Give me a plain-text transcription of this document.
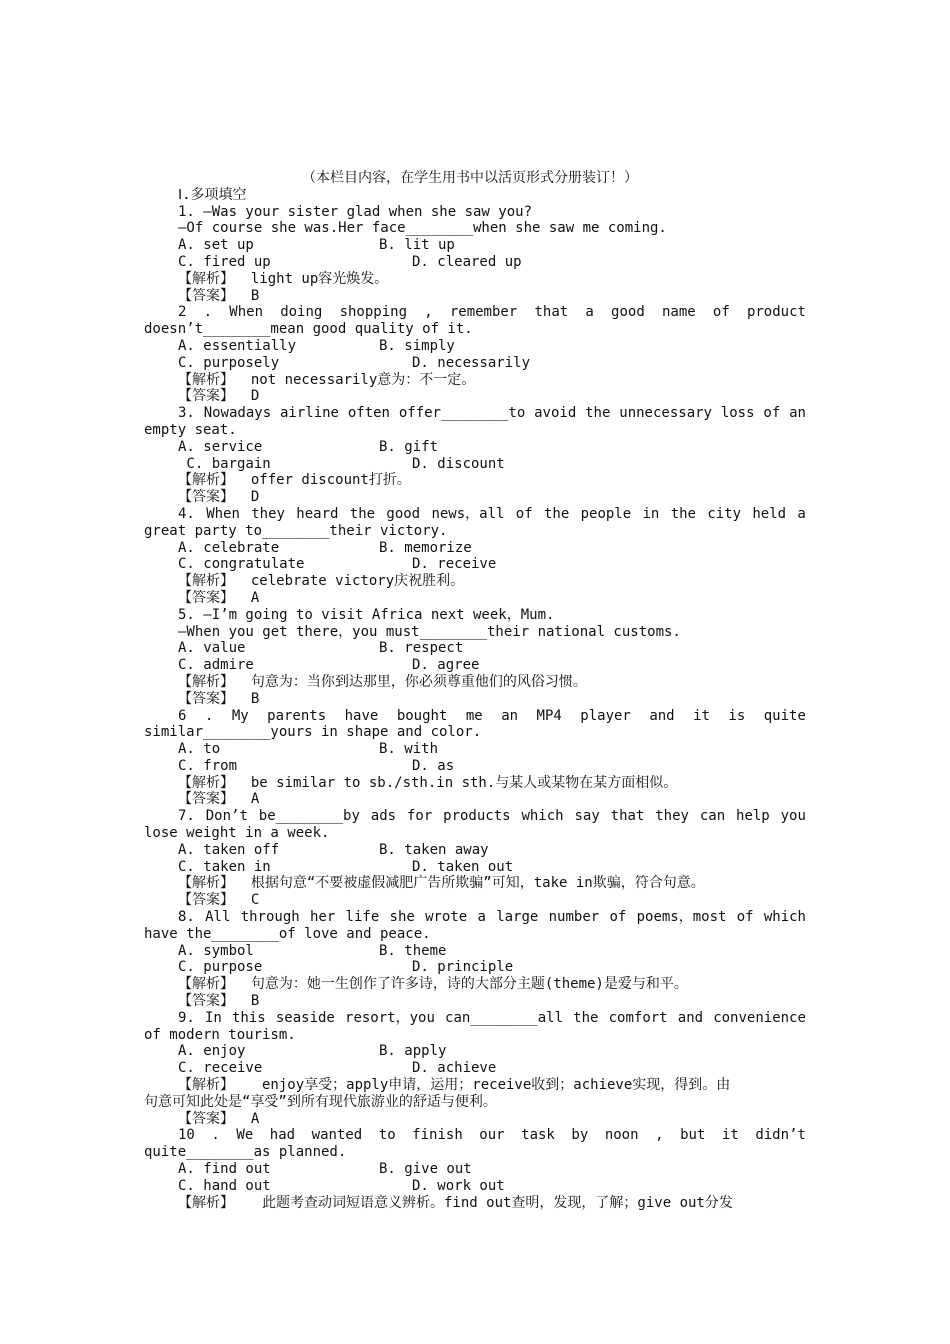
（本栏目内容，在学生用书中以活页形式分册装订！）
Ⅰ.多项填空
1. —Was your sister glad when she saw you?
—Of course she was.Her face________when she saw me coming.
A. set up	B. lit up
C. fired up	D. cleared up
【解析】  light up容光焕发。
【答案】  B
2 . When doing shopping , remember that a good name of product
doesn’t________mean good quality of it.
A. essentially	B. simply
C. purposely	D. necessarily
【解析】  not necessarily意为：不一定。
【答案】  D
3. Nowadays airline often offer________to avoid the unnecessary loss of an
empty seat.
A. service	B. gift
C. bargain	D. discount
【解析】  offer discount打折。
【答案】  D
4. When they heard the good news，all of the people in the city held a
great party to________their victory.
A. celebrate	B. memorize
C. congratulate	D. receive
【解析】  celebrate victory庆祝胜利。
【答案】  A
5. —I’m going to visit Africa next week，Mum.
—When you get there，you must________their national customs.
A. value	B. respect
C. admire	D. agree
【解析】  句意为：当你到达那里，你必须尊重他们的风俗习惯。
【答案】  B
6 . My parents have bought me an MP4 player and it is quite
similar________yours in shape and color.
A. to	B. with
C. from	D. as
【解析】  be similar to sb./sth.in sth.与某人或某物在某方面相似。
【答案】  A
7. Don’t be________by ads for products which say that they can help you
lose weight in a week.
A. taken off	B. taken away
C. taken in	D. taken out
【解析】  根据句意“不要被虚假减肥广告所欺骗”可知，take in欺骗，符合句意。
【答案】  C
8. All through her life she wrote a large number of poems，most of which
have the________of love and peace.
A. symbol	B. theme
C. purpose	D. principle
【解析】  句意为：她一生创作了许多诗，诗的大部分主题(theme)是爱与和平。
【答案】  B
9. In this seaside resort，you can________all the comfort and convenience
of modern tourism.
A. enjoy	B. apply
C. receive	D. achieve
【解析】	enjoy享受；apply申请，运用；receive收到；achieve实现，得到。由
句意可知此处是“享受”到所有现代旅游业的舒适与便利。
【答案】  A
10 . We had wanted to finish our task by noon , but it didn’t
quite________as planned.
A. find out	B. give out
C. hand out	D. work out
【解析】	此题考查动词短语意义辨析。find out查明，发现，了解；give out分发
